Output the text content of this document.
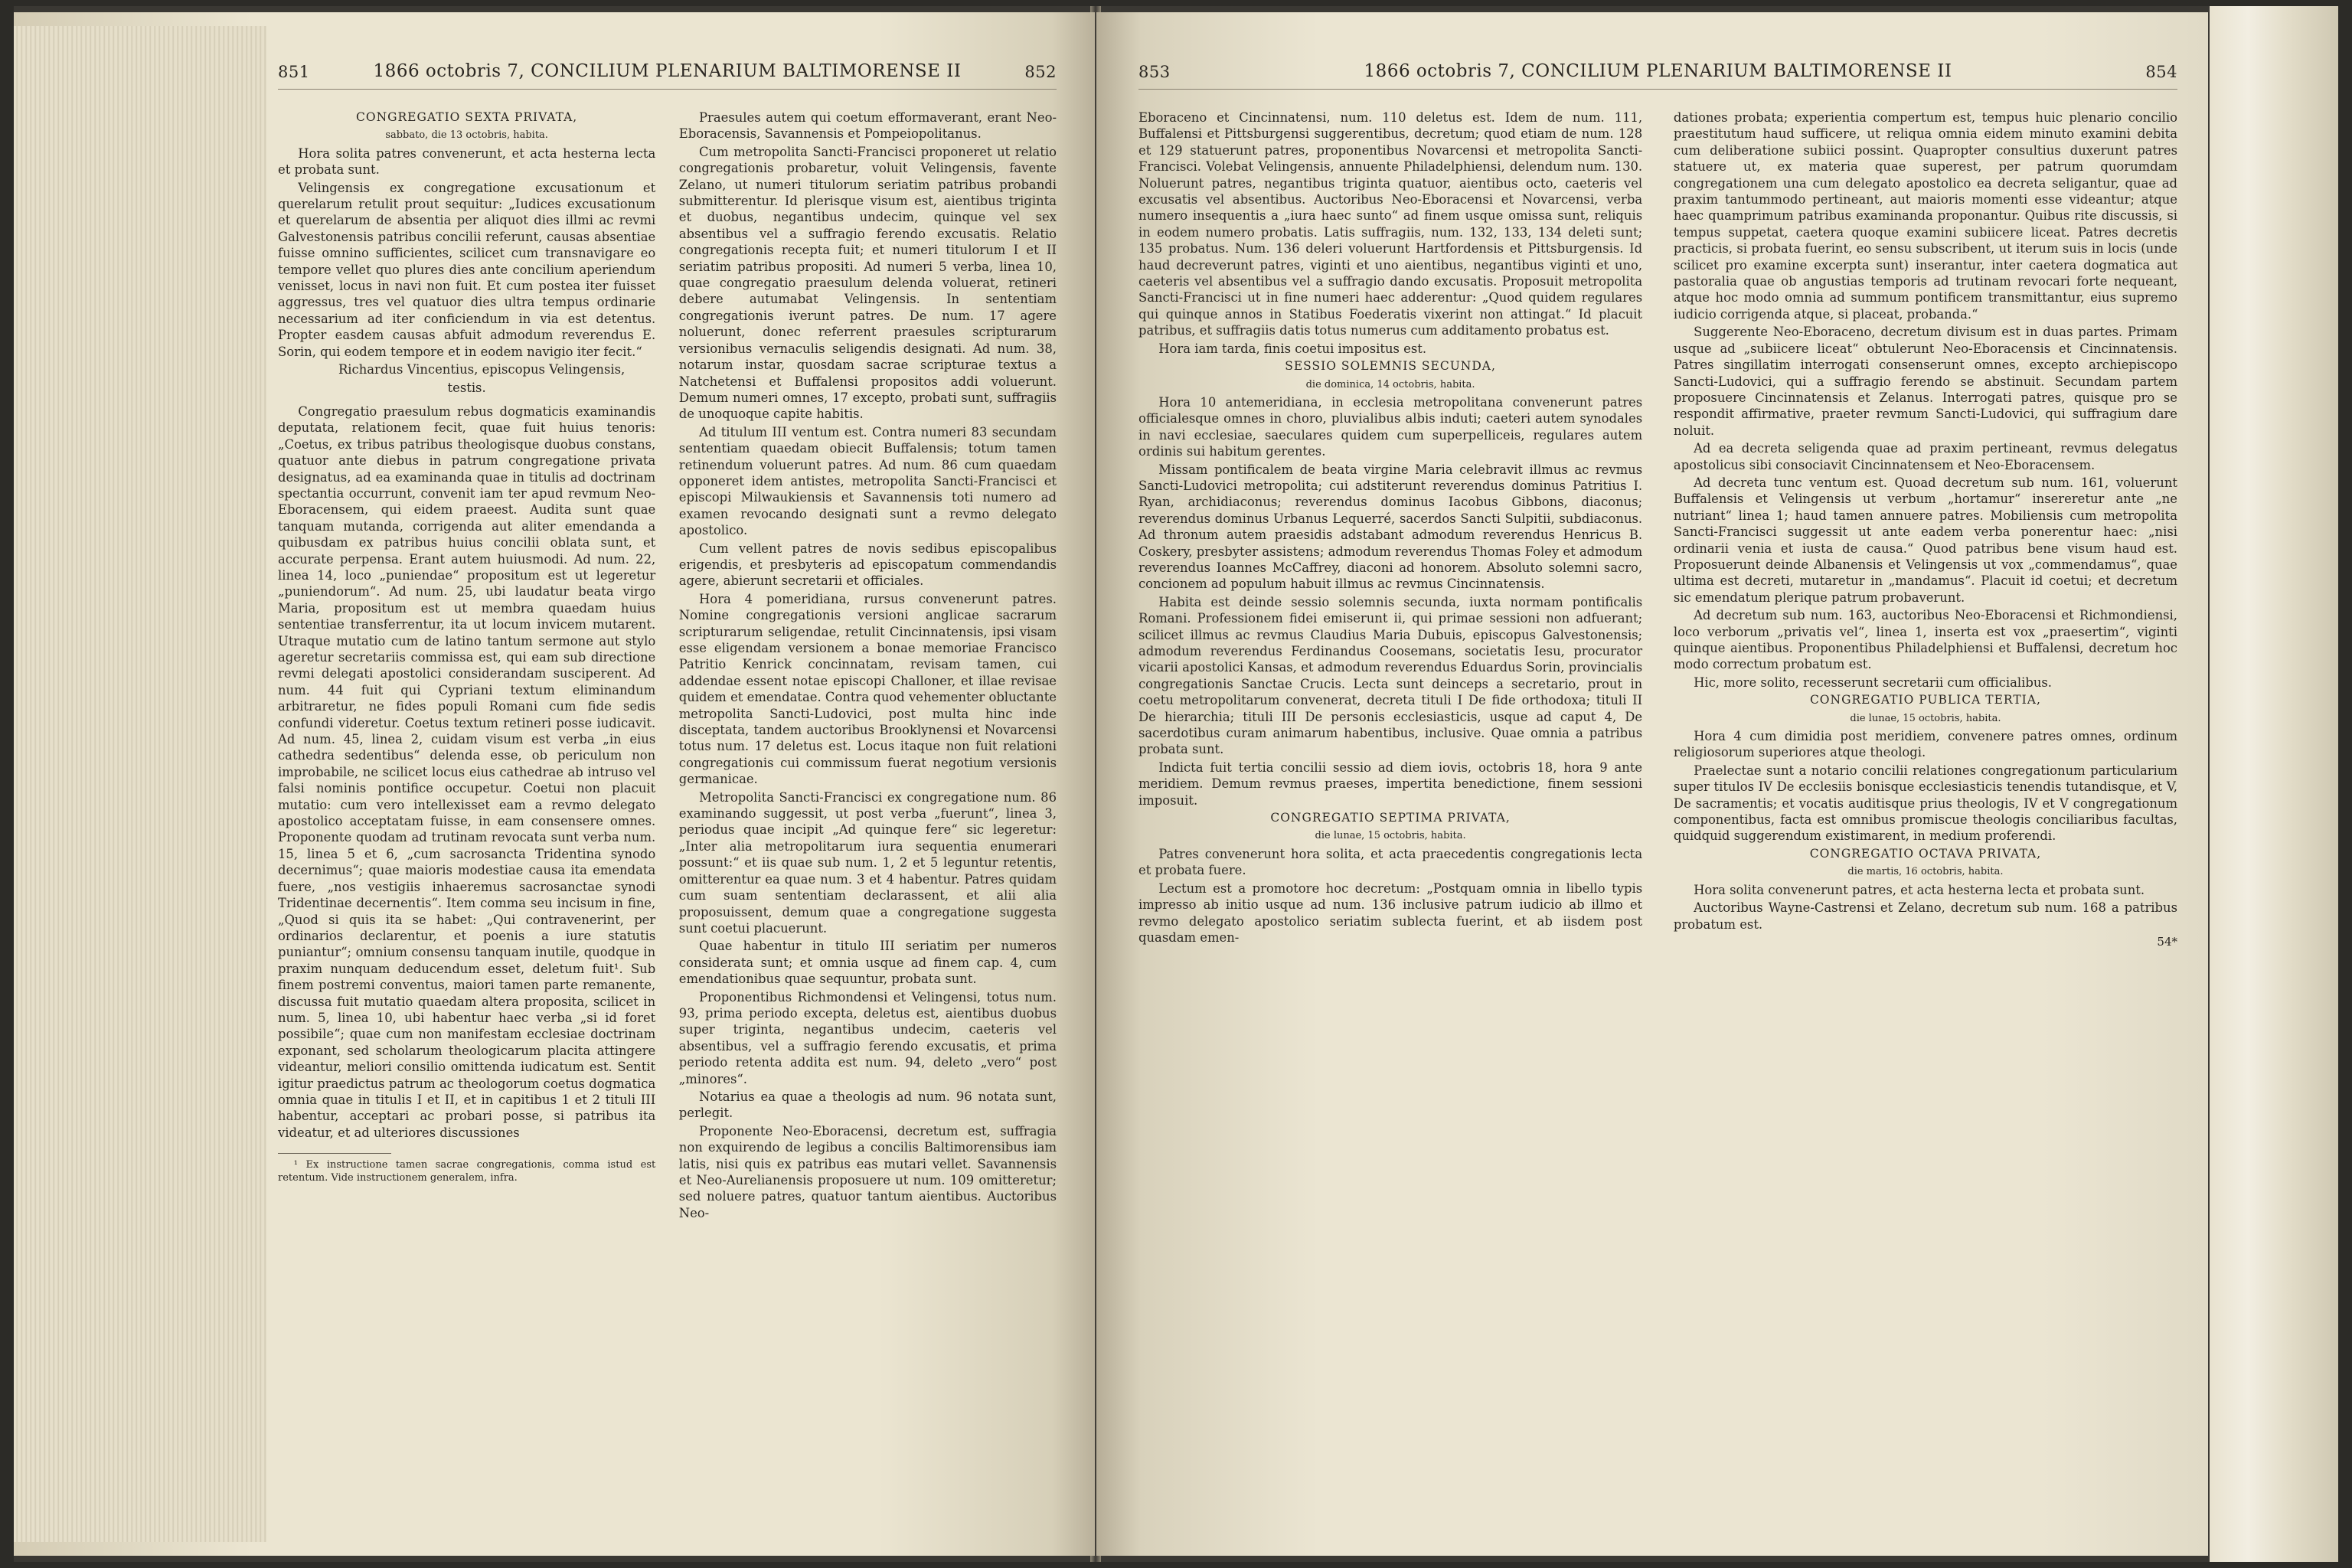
851	1866 octobris 7, CONCILIUM PLENARIUM BALTIMORENSE II	852

CONGREGATIO SEXTA PRIVATA,

sabbato, die 13 octobris, habita.

Hora solita patres convenerunt, et acta hesterna lecta et probata sunt.

Velingensis ex congregatione excusationum et querelarum retulit prout sequitur: „Iudices excusationum et querelarum de absentia per aliquot dies illmi ac revmi Galvestonensis patribus concilii referunt, causas absentiae fuisse omnino sufficientes, scilicet cum transnavigare eo tempore vellet quo plures dies ante concilium aperiendum venisset, locus in navi non fuit. Et cum postea iter fuisset aggressus, tres vel quatuor dies ultra tempus ordinarie necessarium ad iter conficiendum in via est detentus. Propter easdem causas abfuit admodum reverendus E. Sorin, qui eodem tempore et in eodem navigio iter fecit.“

Richardus Vincentius, episcopus Velingensis,

testis.

Congregatio praesulum rebus dogmaticis examinandis deputata, relationem fecit, quae fuit huius tenoris: „Coetus, ex tribus patribus theologisque duobus constans, quatuor ante diebus in patrum congregatione privata designatus, ad ea examinanda quae in titulis ad doctrinam spectantia occurrunt, convenit iam ter apud revmum Neo-Eboracensem, qui eidem praeest. Audita sunt quae tanquam mutanda, corrigenda aut aliter emendanda a quibusdam ex patribus huius concilii oblata sunt, et accurate perpensa. Erant autem huiusmodi. Ad num. 22, linea 14, loco „puniendae“ propositum est ut legeretur „puniendorum“. Ad num. 25, ubi laudatur beata virgo Maria, propositum est ut membra quaedam huius sententiae transferrentur, ita ut locum invicem mutarent. Utraque mutatio cum de latino tantum sermone aut stylo ageretur secretariis commissa est, qui eam sub directione revmi delegati apostolici considerandam susciperent. Ad num. 44 fuit qui Cypriani textum eliminandum arbitraretur, ne fides populi Romani cum fide sedis confundi videretur. Coetus textum retineri posse iudicavit. Ad num. 45, linea 2, cuidam visum est verba „in eius cathedra sedentibus“ delenda esse, ob periculum non improbabile, ne scilicet locus eius cathedrae ab intruso vel falsi nominis pontifice occupetur. Coetui non placuit mutatio: cum vero intellexisset eam a revmo delegato apostolico acceptatam fuisse, in eam consensere omnes. Proponente quodam ad trutinam revocata sunt verba num. 15, linea 5 et 6, „cum sacrosancta Tridentina synodo decernimus“; quae maioris modestiae causa ita emendata fuere, „nos vestigiis inhaeremus sacrosanctae synodi Tridentinae decernentis“. Item comma seu incisum in fine, „Quod si quis ita se habet: „Qui contravenerint, per ordinarios declarentur, et poenis a iure statutis puniantur“; omnium consensu tanquam inutile, quodque in praxim nunquam deducendum esset, deletum fuit¹. Sub finem postremi conventus, maiori tamen parte remanente, discussa fuit mutatio quaedam altera proposita, scilicet in num. 5, linea 10, ubi habentur haec verba „si id foret possibile“; quae cum non manifestam ecclesiae doctrinam exponant, sed scholarum theologicarum placita attingere videantur, meliori consilio omittenda iudicatum est. Sentit igitur praedictus patrum ac theologorum coetus dogmatica omnia quae in titulis I et II, et in capitibus 1 et 2 tituli III habentur, acceptari ac probari posse, si patribus ita videatur, et ad ulteriores discussiones

¹ Ex instructione tamen sacrae congregationis, comma istud est retentum. Vide instructionem generalem, infra.

Praesules autem qui coetum efformaverant, erant Neo-Eboracensis, Savannensis et Pompeiopolitanus.

Cum metropolita Sancti-Francisci proponeret ut relatio congregationis probaretur, voluit Velingensis, favente Zelano, ut numeri titulorum seriatim patribus probandi submitterentur. Id plerisque visum est, aientibus triginta et duobus, negantibus undecim, quinque vel sex absentibus vel a suffragio ferendo excusatis. Relatio congregationis recepta fuit; et numeri titulorum I et II seriatim patribus propositi. Ad numeri 5 verba, linea 10, quae congregatio praesulum delenda voluerat, retineri debere autumabat Velingensis. In sententiam congregationis iverunt patres. De num. 17 agere noluerunt, donec referrent praesules scripturarum versionibus vernaculis seligendis designati. Ad num. 38, notarum instar, quosdam sacrae scripturae textus a Natchetensi et Buffalensi propositos addi voluerunt. Demum numeri omnes, 17 excepto, probati sunt, suffragiis de unoquoque capite habitis.

Ad titulum III ventum est. Contra numeri 83 secundam sententiam quaedam obiecit Buffalensis; totum tamen retinendum voluerunt patres. Ad num. 86 cum quaedam opponeret idem antistes, metropolita Sancti-Francisci et episcopi Milwaukiensis et Savannensis toti numero ad examen revocando designati sunt a revmo delegato apostolico.

Cum vellent patres de novis sedibus episcopalibus erigendis, et presbyteris ad episcopatum commendandis agere, abierunt secretarii et officiales.

Hora 4 pomeridiana, rursus convenerunt patres. Nomine congregationis versioni anglicae sacrarum scripturarum seligendae, retulit Cincinnatensis, ipsi visam esse eligendam versionem a bonae memoriae Francisco Patritio Kenrick concinnatam, revisam tamen, cui addendae essent notae episcopi Challoner, et illae revisae quidem et emendatae. Contra quod vehementer obluctante metropolita Sancti-Ludovici, post multa hinc inde disceptata, tandem auctoribus Brooklynensi et Novarcensi totus num. 17 deletus est. Locus itaque non fuit relationi congregationis cui commissum fuerat negotium versionis germanicae.

Metropolita Sancti-Francisci ex congregatione num. 86 examinando suggessit, ut post verba „fuerunt“, linea 3, periodus quae incipit „Ad quinque fere“ sic legeretur: „Inter alia metropolitarum iura sequentia enumerari possunt:“ et iis quae sub num. 1, 2 et 5 leguntur retentis, omitterentur ea quae num. 3 et 4 habentur. Patres quidam cum suam sententiam declarassent, et alii alia proposuissent, demum quae a congregatione suggesta sunt coetui placuerunt.

Quae habentur in titulo III seriatim per numeros considerata sunt; et omnia usque ad finem cap. 4, cum emendationibus quae sequuntur, probata sunt.

Proponentibus Richmondensi et Velingensi, totus num. 93, prima periodo excepta, deletus est, aientibus duobus super triginta, negantibus undecim, caeteris vel absentibus, vel a suffragio ferendo excusatis, et prima periodo retenta addita est num. 94, deleto „vero“ post „minores“.

Notarius ea quae a theologis ad num. 96 notata sunt, perlegit.

Proponente Neo-Eboracensi, decretum est, suffragia non exquirendo de legibus a concilis Baltimorensibus iam latis, nisi quis ex patribus eas mutari vellet. Savannensis et Neo-Aurelianensis proposuere ut num. 109 omitteretur; sed noluere patres, quatuor tantum aientibus. Auctoribus Neo-

853	1866 octobris 7, CONCILIUM PLENARIUM BALTIMORENSE II	854

Eboraceno et Cincinnatensi, num. 110 deletus est. Idem de num. 111, Buffalensi et Pittsburgensi suggerentibus, decretum; quod etiam de num. 128 et 129 statuerunt patres, proponentibus Novarcensi et metropolita Sancti-Francisci. Volebat Velingensis, annuente Philadelphiensi, delendum num. 130. Noluerunt patres, negantibus triginta quatuor, aientibus octo, caeteris vel excusatis vel absentibus. Auctoribus Neo-Eboracensi et Novarcensi, verba numero insequentis a „iura haec sunto“ ad finem usque omissa sunt, reliquis in eodem numero probatis. Latis suffragiis, num. 132, 133, 134 deleti sunt; 135 probatus. Num. 136 deleri voluerunt Hartfordensis et Pittsburgensis. Id haud decreverunt patres, viginti et uno aientibus, negantibus viginti et uno, caeteris vel absentibus vel a suffragio dando excusatis. Proposuit metropolita Sancti-Francisci ut in fine numeri haec adderentur: „Quod quidem regulares qui quinque annos in Statibus Foederatis vixerint non attingat.“ Id placuit patribus, et suffragiis datis totus numerus cum additamento probatus est.

Hora iam tarda, finis coetui impositus est.

SESSIO SOLEMNIS SECUNDA,

die dominica, 14 octobris, habita.

Hora 10 antemeridiana, in ecclesia metropolitana convenerunt patres officialesque omnes in choro, pluvialibus albis induti; caeteri autem synodales in navi ecclesiae, saeculares quidem cum superpelliceis, regulares autem ordinis sui habitum gerentes.

Missam pontificalem de beata virgine Maria celebravit illmus ac revmus Sancti-Ludovici metropolita; cui adstiterunt reverendus dominus Patritius I. Ryan, archidiaconus; reverendus dominus Iacobus Gibbons, diaconus; reverendus dominus Urbanus Lequerré, sacerdos Sancti Sulpitii, subdiaconus. Ad thronum autem praesidis adstabant admodum reverendus Henricus B. Coskery, presbyter assistens; admodum reverendus Thomas Foley et admodum reverendus Ioannes McCaffrey, diaconi ad honorem. Absoluto solemni sacro, concionem ad populum habuit illmus ac revmus Cincinnatensis.

Habita est deinde sessio solemnis secunda, iuxta normam pontificalis Romani. Professionem fidei emiserunt ii, qui primae sessioni non adfuerant; scilicet illmus ac revmus Claudius Maria Dubuis, episcopus Galvestonensis; admodum reverendus Ferdinandus Coosemans, societatis Iesu, procurator vicarii apostolici Kansas, et admodum reverendus Eduardus Sorin, provincialis congregationis Sanctae Crucis. Lecta sunt deinceps a secretario, prout in coetu metropolitarum convenerat, decreta tituli I De fide orthodoxa; tituli II De hierarchia; tituli III De personis ecclesiasticis, usque ad caput 4, De sacerdotibus curam animarum habentibus, inclusive. Quae omnia a patribus probata sunt.

Indicta fuit tertia concilii sessio ad diem iovis, octobris 18, hora 9 ante meridiem. Demum revmus praeses, impertita benedictione, finem sessioni imposuit.

CONGREGATIO SEPTIMA PRIVATA,

die lunae, 15 octobris, habita.

Patres convenerunt hora solita, et acta praecedentis congregationis lecta et probata fuere.

Lectum est a promotore hoc decretum: „Postquam omnia in libello typis impresso ab initio usque ad num. 136 inclusive patrum iudicio ab illmo et revmo delegato apostolico seriatim sublecta fuerint, et ab iisdem post quasdam emen-

dationes probata; experientia compertum est, tempus huic plenario concilio praestitutum haud sufficere, ut reliqua omnia eidem minuto examini debita cum deliberatione subiici possint. Quapropter consultius duxerunt patres statuere ut, ex materia quae superest, per patrum quorumdam congregationem una cum delegato apostolico ea decreta seligantur, quae ad praxim tantummodo pertineant, aut maioris momenti esse videantur; atque haec quamprimum patribus examinanda proponantur. Quibus rite discussis, si tempus suppetat, caetera quoque examini subiicere liceat. Patres decretis practicis, si probata fuerint, eo sensu subscribent, ut iterum suis in locis (unde scilicet pro examine excerpta sunt) inserantur, inter caetera dogmatica aut pastoralia quae ob angustias temporis ad trutinam revocari forte nequeant, atque hoc modo omnia ad summum pontificem transmittantur, eius supremo iudicio corrigenda atque, si placeat, probanda.“

Suggerente Neo-Eboraceno, decretum divisum est in duas partes. Primam usque ad „subiicere liceat“ obtulerunt Neo-Eboracensis et Cincinnatensis. Patres singillatim interrogati consenserunt omnes, excepto archiepiscopo Sancti-Ludovici, qui a suffragio ferendo se abstinuit. Secundam partem proposuere Cincinnatensis et Zelanus. Interrogati patres, quisque pro se respondit affirmative, praeter revmum Sancti-Ludovici, qui suffragium dare noluit.

Ad ea decreta seligenda quae ad praxim pertineant, revmus delegatus apostolicus sibi consociavit Cincinnatensem et Neo-Eboracensem.

Ad decreta tunc ventum est. Quoad decretum sub num. 161, voluerunt Buffalensis et Velingensis ut verbum „hortamur“ insereretur ante „ne nutriant“ linea 1; haud tamen annuere patres. Mobiliensis cum metropolita Sancti-Francisci suggessit ut ante eadem verba ponerentur haec: „nisi ordinarii venia et iusta de causa.“ Quod patribus bene visum haud est. Proposuerunt deinde Albanensis et Velingensis ut vox „commendamus“, quae ultima est decreti, mutaretur in „mandamus“. Placuit id coetui; et decretum sic emendatum plerique patrum probaverunt.

Ad decretum sub num. 163, auctoribus Neo-Eboracensi et Richmondiensi, loco verborum „privatis vel“, linea 1, inserta est vox „praesertim“, viginti quinque aientibus. Proponentibus Philadelphiensi et Buffalensi, decretum hoc modo correctum probatum est.

Hic, more solito, recesserunt secretarii cum officialibus.

CONGREGATIO PUBLICA TERTIA,

die lunae, 15 octobris, habita.

Hora 4 cum dimidia post meridiem, convenere patres omnes, ordinum religiosorum superiores atque theologi.

Praelectae sunt a notario concilii relationes congregationum particularium super titulos IV De ecclesiis bonisque ecclesiasticis tenendis tutandisque, et V, De sacramentis; et vocatis auditisque prius theologis, IV et V congregationum componentibus, facta est omnibus promiscue theologis conciliaribus facultas, quidquid suggerendum existimarent, in medium proferendi.

CONGREGATIO OCTAVA PRIVATA,

die martis, 16 octobris, habita.

Hora solita convenerunt patres, et acta hesterna lecta et probata sunt.

Auctoribus Wayne-Castrensi et Zelano, decretum sub num. 168 a patribus probatum est.

54*
